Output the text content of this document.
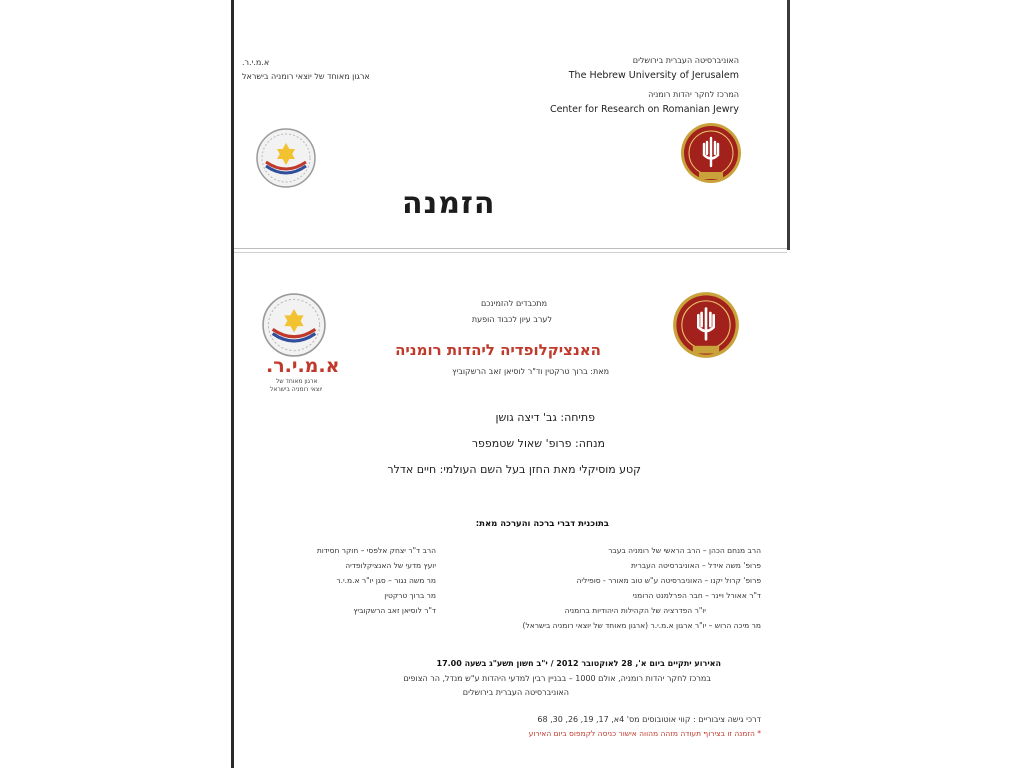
האוניברסיטה העברית בירושלים
The Hebrew University of Jerusalem
המרכז לחקר יהדות רומניה
Center for Research on Romanian Jewry
א.מ.י.ר.
ארגון מאוחד של יוצאי רומניה בישראל
הזמנה
א.מ.י.ר.
ארגון מאוחד של
יוצאי רומניה בישראל
מתכבדים להזמינכם
לערב עיון לכבוד הופעת
האנציקלופדיה ליהדות רומניה
מאת: ברוך טרקטין וד"ר לוסיאן זאב הרשקוביץ
פתיחה: גב' דיצה גושן
מנחה: פרופ' שאול שטמפפר
קטע מוסיקלי מאת החזן בעל השם העולמי: חיים אדלר
בתוכנית דברי ברכה והערכה מאת:
הרב מנחם הכהן – הרב הראשי של רומניה בעבר
פרופ' משה אידל – האוניברסיטה העברית
פרופ' קרול יקנו – האוניברסיטה ע"ש טוב מאורר - סופיליה
ד"ר אאורל ויינר – חבר הפרלמנט הרומני
יו"ר הפדרציה של הקהילות היהודיות ברומניה
מר מיכה הרוש – יו"ר ארגון א.מ.י.ר (ארגון מאוחד של יוצאי רומניה בישראל)
הרב ד"ר יצחק אלפסי – חוקר חסידות
יועץ מדעי של האנציקלופדיה
מר משה נגור – סגן יו"ר א.מ.י.ר
מר ברוך טרקטין
ד"ר לוסיאן זאב הרשקוביץ
האירוע יתקיים ביום א', 28 לאוקטובר 2012 / י"ב חשון תשע"ג בשעה 17.00
במרכז לחקר יהדות רומניה, אולם 1000 – בבניין רבין למדעי היהדות ע"ש מנדל, הר הצופים
האוניברסיטה העברית בירושלים
דרכי גישה ציבוריים : קווי אוטובוסים מס' 4א, 17, 19, 26, 30, 68
* הזמנה זו בצירוף תעודה מזהה מהווה אישור כניסה לקמפוס ביום האירוע
